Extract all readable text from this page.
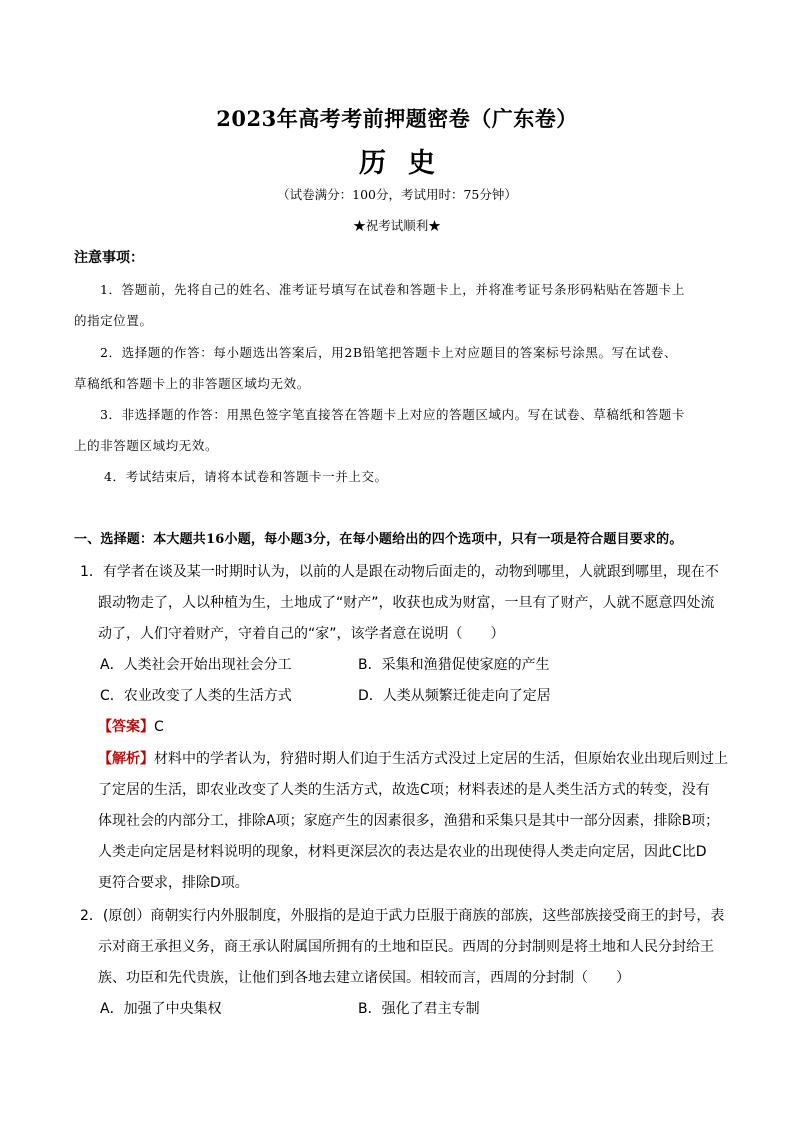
2023年高考考前押题密卷（广东卷）
历史
（试卷满分：100分，考试用时：75分钟）
★祝考试顺利★
注意事项：
1．答题前，先将自己的姓名、准考证号填写在试卷和答题卡上，并将准考证号条形码粘贴在答题卡上
的指定位置。
2．选择题的作答：每小题选出答案后，用2B铅笔把答题卡上对应题目的答案标号涂黑。写在试卷、
草稿纸和答题卡上的非答题区域均无效。
3．非选择题的作答：用黑色签字笔直接答在答题卡上对应的答题区域内。写在试卷、草稿纸和答题卡
上的非答题区域均无效。
4．考试结束后，请将本试卷和答题卡一并上交。
一、选择题：本大题共16小题，每小题3分，在每小题给出的四个选项中，只有一项是符合题目要求的。
1．有学者在谈及某一时期时认为，以前的人是跟在动物后面走的，动物到哪里，人就跟到哪里，现在不
跟动物走了，人以种植为生，土地成了“财产”，收获也成为财富，一旦有了财产，人就不愿意四处流
动了，人们守着财产，守着自己的“家”，该学者意在说明（　　）
A．人类社会开始出现社会分工	B．采集和渔猎促使家庭的产生
C．农业改变了人类的生活方式	D．人类从频繁迁徙走向了定居
【答案】C
【解析】材料中的学者认为，狩猎时期人们迫于生活方式没过上定居的生活，但原始农业出现后则过上
了定居的生活，即农业改变了人类的生活方式，故选C项；材料表述的是人类生活方式的转变，没有
体现社会的内部分工，排除A项；家庭产生的因素很多，渔猎和采集只是其中一部分因素，排除B项；
人类走向定居是材料说明的现象，材料更深层次的表达是农业的出现使得人类走向定居，因此C比D
更符合要求，排除D项。
2．(原创）商朝实行内外服制度，外服指的是迫于武力臣服于商族的部族，这些部族接受商王的封号，表
示对商王承担义务，商王承认附属国所拥有的土地和臣民。西周的分封制则是将土地和人民分封给王
族、功臣和先代贵族，让他们到各地去建立诸侯国。相较而言，西周的分封制（　　）
A．加强了中央集权	B．强化了君主专制
